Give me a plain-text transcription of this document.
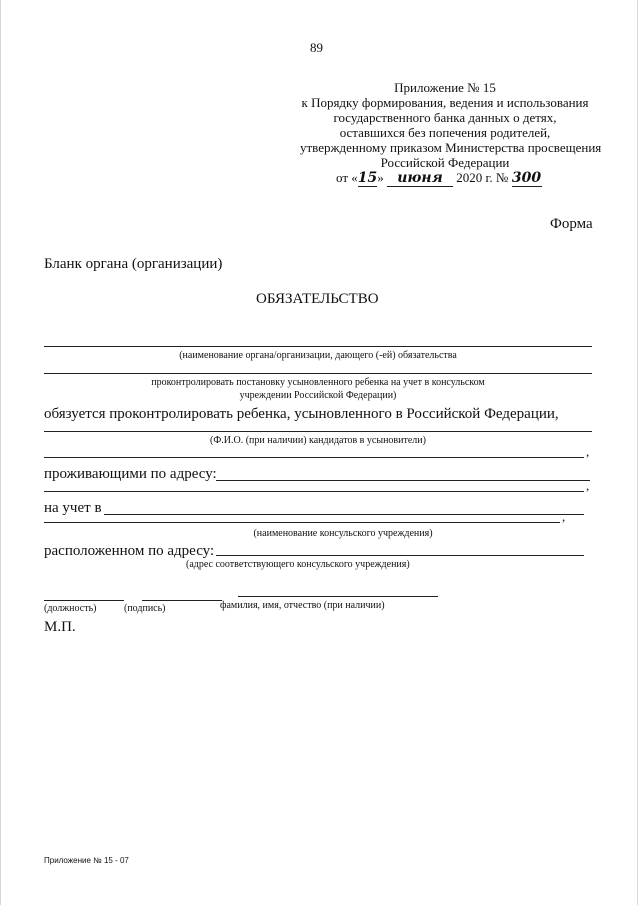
89
Приложение № 15
к Порядку формирования, ведения и использования
государственного банка данных о детях,
оставшихся без попечения родителей,
утвержденному приказом Министерства просвещения
Российской Федерации
от «15» июня 2020 г. № 300
Форма
Бланк органа (организации)
ОБЯЗАТЕЛЬСТВО
(наименование органа/организации, дающего (-ей) обязательства
проконтролировать постановку усыновленного ребенка на учет в консульском
учреждении Российской Федерации)
обязуется проконтролировать ребенка, усыновленного в Российской Федерации,
(Ф.И.О. (при наличии) кандидатов в усыновители)
,
проживающими по адресу:
,
на учет в
,
(наименование консульского учреждения)
расположенном по адресу:
(адрес соответствующего консульского учреждения)
(должность)	(подпись)	фамилия, имя, отчество (при наличии)
М.П.
Приложение № 15 - 07
